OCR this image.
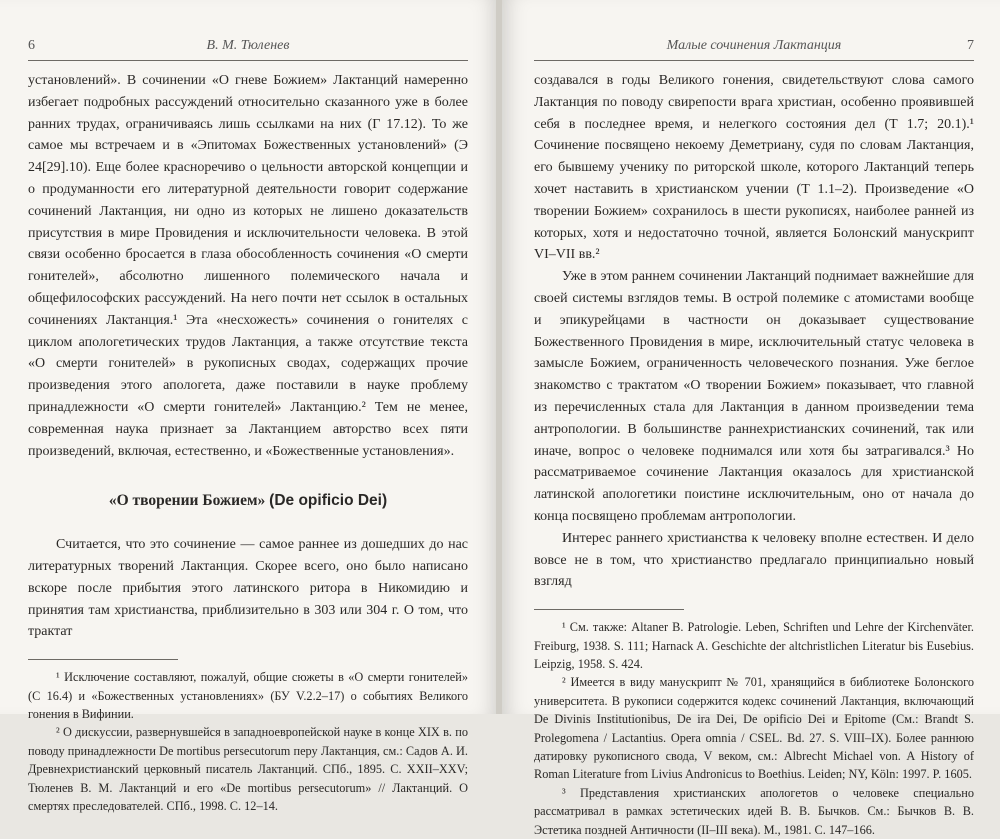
6	В. М. Тюленев

установлений». В сочинении «О гневе Божием» Лактанций намеренно избегает подробных рассуждений относительно сказанного уже в более ранних трудах, ограничиваясь лишь ссылками на них (Г 17.12). То же самое мы встречаем и в «Эпитомах Божественных установлений» (Э 24[29].10). Еще более красноречиво о цельности авторской концепции и о продуманности его литературной деятельности говорит содержание сочинений Лактанция, ни одно из которых не лишено доказательств присутствия в мире Провидения и исключительности человека. В этой связи особенно бросается в глаза обособленность сочинения «О смерти гонителей», абсолютно лишенного полемического начала и общефилософских рассуждений. На него почти нет ссылок в остальных сочинениях Лактанция.¹ Эта «несхожесть» сочинения о гонителях с циклом апологетических трудов Лактанция, а также отсутствие текста «О смерти гонителей» в рукописных сводах, содержащих прочие произведения этого апологета, даже поставили в науке проблему принадлежности «О смерти гонителей» Лактанцию.² Тем не менее, современная наука признает за Лактанцием авторство всех пяти произведений, включая, естественно, и «Божественные установления».

«О творении Божием» (De opificio Dei)

Считается, что это сочинение — самое раннее из дошедших до нас литературных творений Лактанция. Скорее всего, оно было написано вскоре после прибытия этого латинского ритора в Никомидию и принятия там христианства, приблизительно в 303 или 304 г. О том, что трактат

¹ Исключение составляют, пожалуй, общие сюжеты в «О смерти гонителей» (С 16.4) и «Божественных установлениях» (БУ V.2.2–17) о событиях Великого гонения в Вифинии.

² О дискуссии, развернувшейся в западноевропейской науке в конце XIX в. по поводу принадлежности De mortibus persecutorum перу Лактанция, см.: Садов А. И. Древнехристианский церковный писатель Лактанций. СПб., 1895. С. XXII–XXV; Тюленев В. М. Лактанций и его «De mortibus persecutorum» // Лактанций. О смертях преследователей. СПб., 1998. С. 12–14.

Малые сочинения Лактанция	7

создавался в годы Великого гонения, свидетельствуют слова самого Лактанция по поводу свирепости врага христиан, особенно проявившей себя в последнее время, и нелегкого состояния дел (Т 1.7; 20.1).¹ Сочинение посвящено некоему Деметриану, судя по словам Лактанция, его бывшему ученику по риторской школе, которого Лактанций теперь хочет наставить в христианском учении (Т 1.1–2). Произведение «О творении Божием» сохранилось в шести рукописях, наиболее ранней из которых, хотя и недостаточно точной, является Болонский манускрипт VI–VII вв.²

Уже в этом раннем сочинении Лактанций поднимает важнейшие для своей системы взглядов темы. В острой полемике с атомистами вообще и эпикурейцами в частности он доказывает существование Божественного Провидения в мире, исключительный статус человека в замысле Божием, ограниченность человеческого познания. Уже беглое знакомство с трактатом «О творении Божием» показывает, что главной из перечисленных стала для Лактанция в данном произведении тема антропологии. В большинстве раннехристианских сочинений, так или иначе, вопрос о человеке поднимался или хотя бы затрагивался.³ Но рассматриваемое сочинение Лактанция оказалось для христианской латинской апологетики поистине исключительным, оно от начала до конца посвящено проблемам антропологии.

Интерес раннего христианства к человеку вполне естествен. И дело вовсе не в том, что христианство предлагало принципиально новый взгляд

¹ См. также: Altaner B. Patrologie. Leben, Schriften und Lehre der Kirchenväter. Freiburg, 1938. S. 111; Harnack A. Geschichte der altchristlichen Literatur bis Eusebius. Leipzig, 1958. S. 424.

² Имеется в виду манускрипт № 701, хранящийся в библиотеке Болонского университета. В рукописи содержится кодекс сочинений Лактанция, включающий De Divinis Institutionibus, De ira Dei, De opificio Dei и Epitome (См.: Brandt S. Prolegomena / Lactantius. Opera omnia / CSEL. Bd. 27. S. VIII–IX). Более раннюю датировку рукописного свода, V веком, см.: Albrecht Michael von. A History of Roman Literature from Livius Andronicus to Boethius. Leiden; NY, Köln: 1997. P. 1605.

³ Представления христианских апологетов о человеке специально рассматривал в рамках эстетических идей В. В. Бычков. См.: Бычков В. В. Эстетика поздней Античности (II–III века). М., 1981. С. 147–166.
